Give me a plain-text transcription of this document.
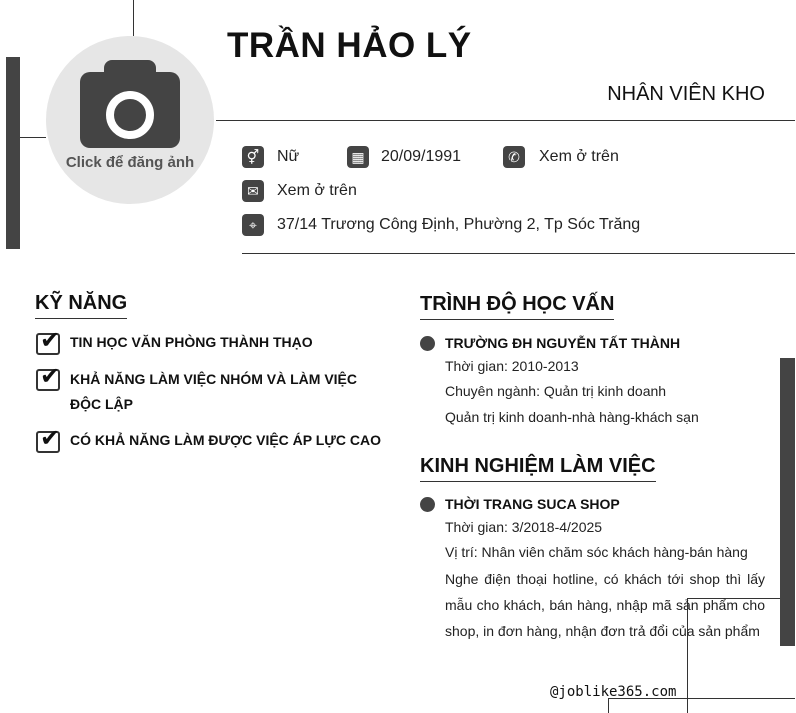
Click để đăng ảnh
TRẦN HẢO LÝ
NHÂN VIÊN KHO
⚥ Nữ	▦ 20/09/1991	✆	Xem ở trên
✉	Xem ở trên
⌖	37/14 Trương Công Định, Phường 2, Tp Sóc Trăng
KỸ NĂNG
✔ TIN HỌC VĂN PHÒNG THÀNH THẠO
✔ KHẢ NĂNG LÀM VIỆC NHÓM VÀ LÀM VIỆC ĐỘC LẬP
✔ CÓ KHẢ NĂNG LÀM ĐƯỢC VIỆC ÁP LỰC CAO
TRÌNH ĐỘ HỌC VẤN
TRƯỜNG ĐH NGUYỄN TẤT THÀNH
Thời gian: 2010-2013
Chuyên ngành: Quản trị kinh doanh
Quản trị kinh doanh-nhà hàng-khách sạn
KINH NGHIỆM LÀM VIỆC
THỜI TRANG SUCA SHOP
Thời gian: 3/2018-4/2025
Vị trí: Nhân viên chăm sóc khách hàng-bán hàng
Nghe điện thoại hotline, có khách tới shop thì lấy mẫu cho khách, bán hàng, nhập mã sản phẩm cho shop, in đơn hàng, nhận đơn trả đổi của sản phẩm
@joblike365.com
